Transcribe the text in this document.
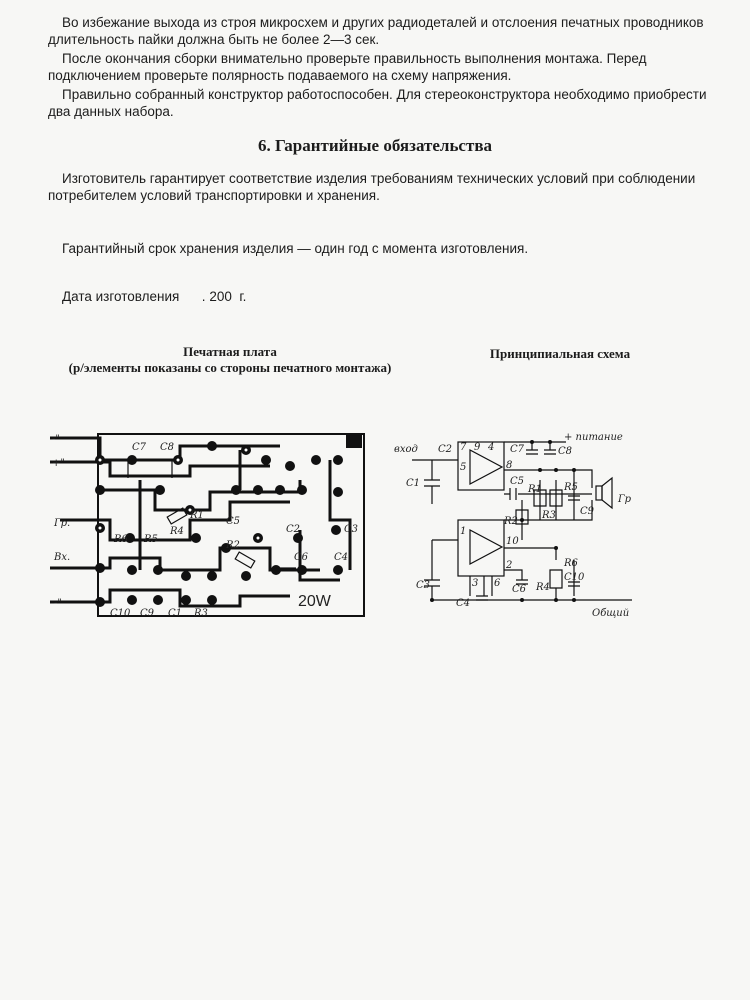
Во избежание выхода из строя микросхем и других радиодеталей и отслоения печатных проводников длительность пайки должна быть не более 2—3 сек.

После окончания сборки внимательно проверьте правильность выполнения монтажа. Перед подключением проверьте полярность подаваемого на схему напряжения.

Правильно собранный конструктор работоспособен. Для стереоконструктора необходимо приобрести два данных набора.

6. Гарантийные обязательства

Изготовитель гарантирует соответствие изделия требованиям технических условий при соблюдении потребителем условий транспортировки и хранения.

Гарантийный срок хранения изделия — один год с момента изготовления.

Дата изготовления      . 200  г.

Печатная плата
(р/элементы показаны со стороны печатного монтажа)
Принципиальная схема
-"
+"
Гр.
Вх.
-"
C7 C8
R1
R2
R3
R4
R5
R6
C1
C2	C3
C4
C5
C6
C9
C10
20W
вход
+ питание
Общий
Гр
C1
C2
C3
C4
C5
C6
C7	C8
C9
C10
R1
R2
R3
R4
R5
R6
7 9 4
8
5
1
10
2
3 6
